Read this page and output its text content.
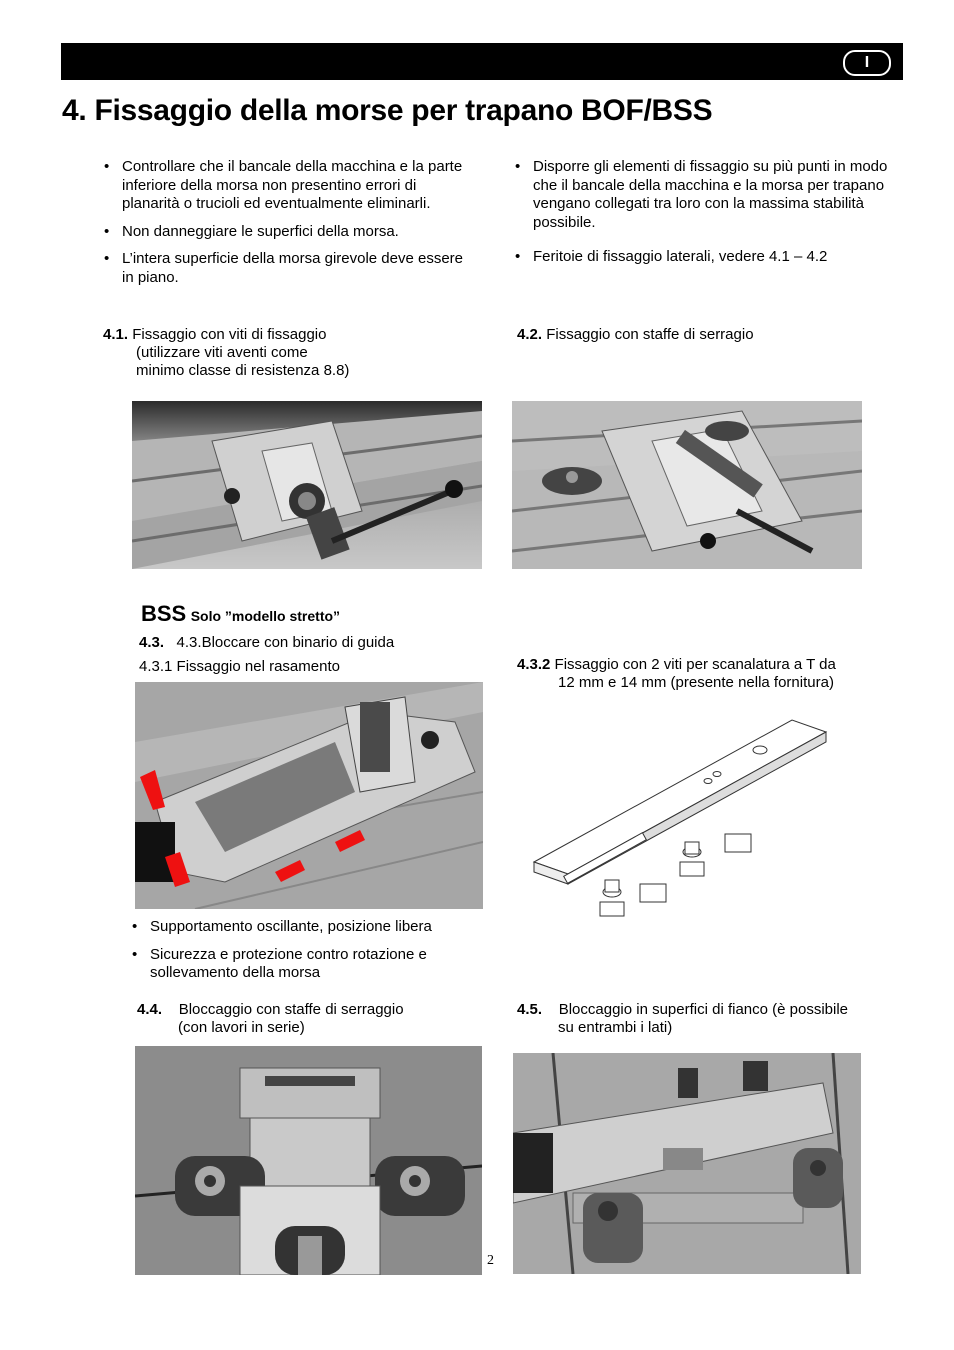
I
4. Fissaggio della morse per trapano BOF/BSS
• Controllare che il bancale della macchina e la parte inferiore della morsa non presentino errori di planarità o trucioli ed eventualmente eliminarli.
• Non danneggiare le superfici della morsa.
• L’intera superficie della morsa girevole deve essere in piano.
• Disporre gli elementi di fissaggio su più punti in modo che il bancale della macchina e la morsa per trapano vengano collegati tra loro con la massima stabilità possibile.
• Feritoie di fissaggio laterali, vedere 4.1 – 4.2
4.1. Fissaggio con viti di fissaggio
(utilizzare viti aventi come
minimo classe di resistenza 8.8)
4.2. Fissaggio con staffe di serragio
BSS Solo ”modello stretto”
4.3. 4.3.Bloccare con binario di guida
4.3.1 Fissaggio nel rasamento	4.3.2 Fissaggio con 2 viti per scanalatura a T da
12 mm e 14 mm (presente nella fornitura)
• Supportamento oscillante, posizione libera
• Sicurezza e protezione contro rotazione e sollevamento della morsa
4.4. Bloccaggio con staffe di serraggio
(con lavori in serie)
4.5. Bloccaggio in superfici di fianco (è possibile
su entrambi i lati)
2
